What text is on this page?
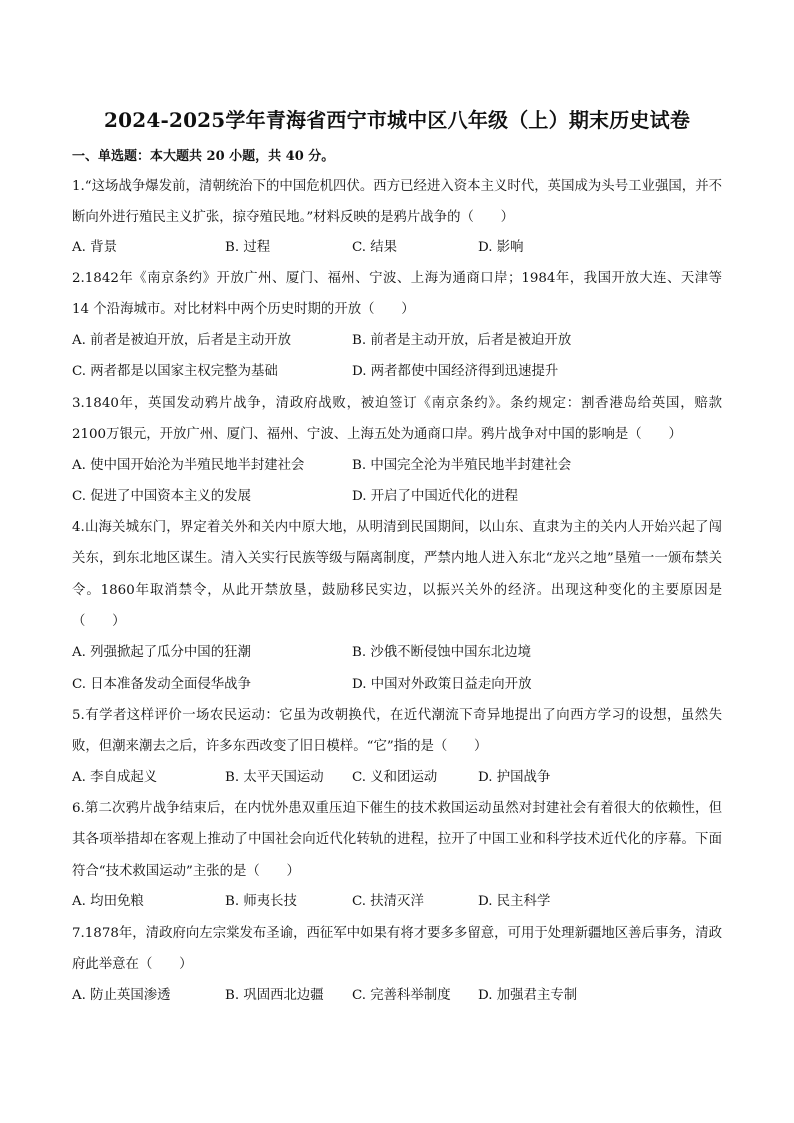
2024-2025学年青海省西宁市城中区八年级（上）期末历史试卷
一、单选题：本大题共 20 小题，共 40 分。
1.“这场战争爆发前，清朝统治下的中国危机四伏。西方已经进入资本主义时代，英国成为头号工业强国，并不断向外进行殖民主义扩张，掠夺殖民地。”材料反映的是鸦片战争的（　　）
A. 背景	B. 过程	C. 结果	D. 影响
2.1842年《南京条约》开放广州、厦门、福州、宁波、上海为通商口岸；1984年，我国开放大连、天津等 14 个沿海城市。对比材料中两个历史时期的开放（　　）
A. 前者是被迫开放，后者是主动开放	B. 前者是主动开放，后者是被迫开放
C. 两者都是以国家主权完整为基础	D. 两者都使中国经济得到迅速提升
3.1840年，英国发动鸦片战争，清政府战败，被迫签订《南京条约》。条约规定：割香港岛给英国，赔款2100万银元，开放广州、厦门、福州、宁波、上海五处为通商口岸。鸦片战争对中国的影响是（　　）
A. 使中国开始沦为半殖民地半封建社会	B. 中国完全沦为半殖民地半封建社会
C. 促进了中国资本主义的发展	D. 开启了中国近代化的进程
4.山海关城东门，界定着关外和关内中原大地，从明清到民国期间，以山东、直隶为主的关内人开始兴起了闯关东，到东北地区谋生。清入关实行民族等级与隔离制度，严禁内地人进入东北“龙兴之地”垦殖一一颁布禁关令。1860年取消禁令，从此开禁放垦，鼓励移民实边，以振兴关外的经济。出现这种变化的主要原因是（　　）
A. 列强掀起了瓜分中国的狂潮	B. 沙俄不断侵蚀中国东北边境
C. 日本准备发动全面侵华战争	D. 中国对外政策日益走向开放
5.有学者这样评价一场农民运动：它虽为改朝换代，在近代潮流下奇异地提出了向西方学习的设想，虽然失败，但潮来潮去之后，许多东西改变了旧日模样。“它”指的是（　　）
A. 李自成起义	B. 太平天国运动 C. 义和团运动	D. 护国战争
6.第二次鸦片战争结束后，在内忧外患双重压迫下催生的技术救国运动虽然对封建社会有着很大的依赖性，但其各项举措却在客观上推动了中国社会向近代化转轨的进程，拉开了中国工业和科学技术近代化的序幕。下面符合“技术救国运动”主张的是（　　）
A. 均田免粮	B. 师夷长技	C. 扶清灭洋	D. 民主科学
7.1878年，清政府向左宗棠发布圣谕，西征军中如果有将才要多多留意，可用于处理新疆地区善后事务，清政府此举意在（　　）
A. 防止英国渗透	B. 巩固西北边疆 C. 完善科举制度 D. 加强君主专制
